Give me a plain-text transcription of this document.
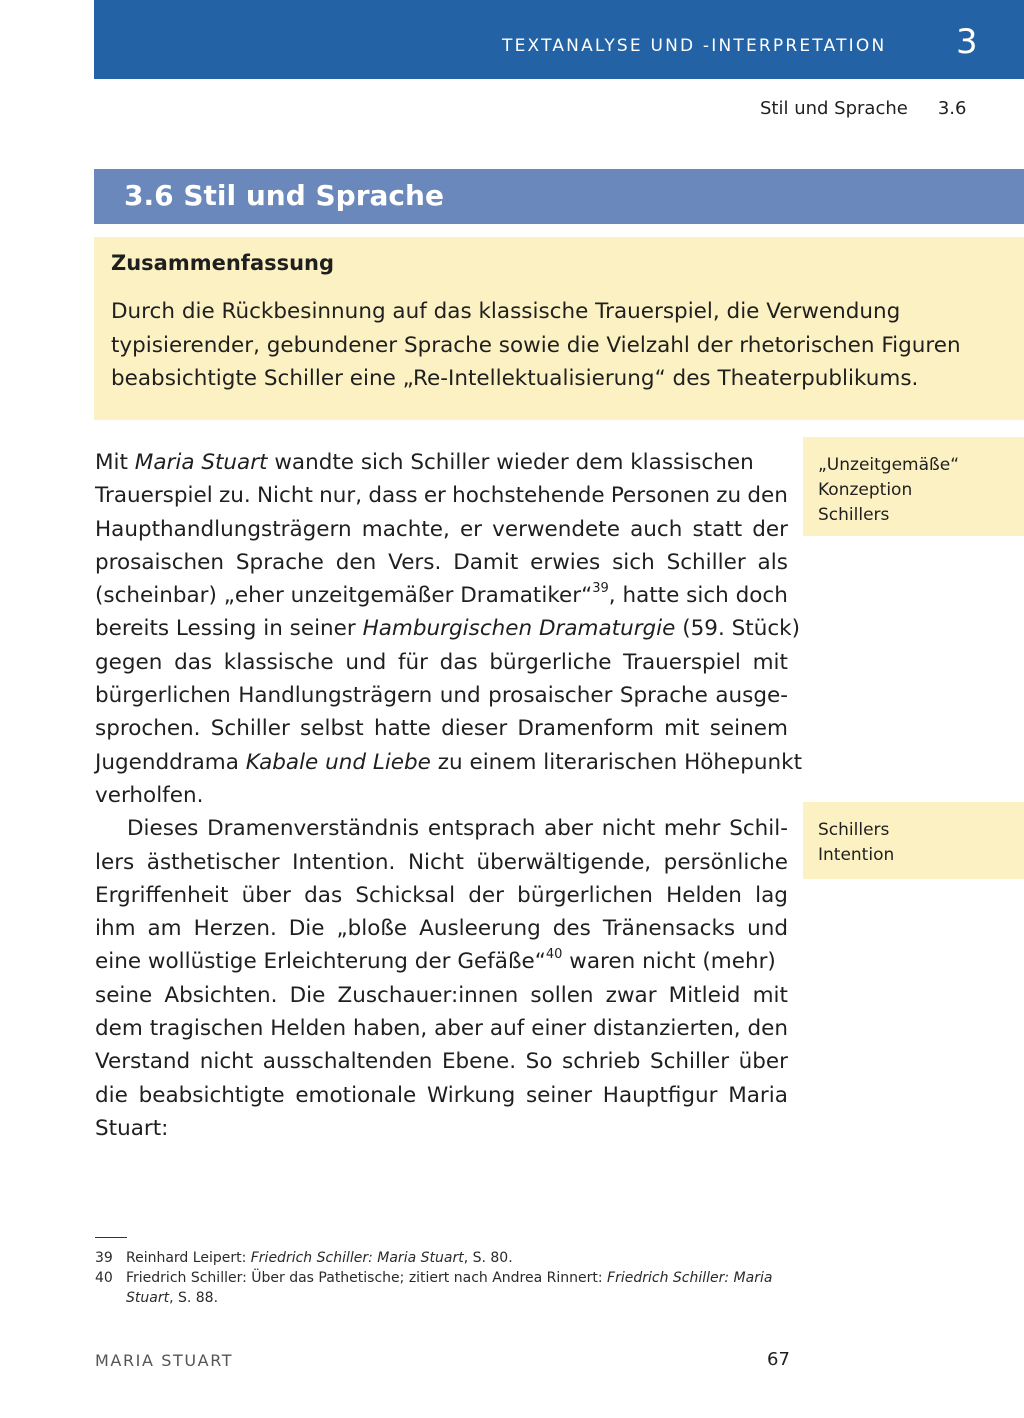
TEXTANALYSE UND -INTERPRETATION 3
Stil und Sprache 3.6
3.6 Stil und Sprache
Zusammenfassung
Durch die Rückbesinnung auf das klassische Trauerspiel, die Verwendung
typisierender, gebundener Sprache sowie die Vielzahl der rhetorischen Figuren
beabsichtigte Schiller eine „Re-Intellektualisierung“ des Theaterpublikums.
Mit Maria Stuart wandte sich Schiller wieder dem klassischen
Trauerspiel zu. Nicht nur, dass er hochstehende Personen zu den
Haupthandlungsträgern machte, er verwendete auch statt der
prosaischen Sprache den Vers. Damit erwies sich Schiller als
(scheinbar) „eher unzeitgemäßer Dramatiker“$^{39}$, hatte sich doch
bereits Lessing in seiner Hamburgischen Dramaturgie (59. Stück)
gegen das klassische und für das bürgerliche Trauerspiel mit
bürgerlichen Handlungsträgern und prosaischer Sprache ausge-
sprochen. Schiller selbst hatte dieser Dramenform mit seinem
Jugenddrama Kabale und Liebe zu einem literarischen Höhepunkt
verholfen.
Dieses Dramenverständnis entsprach aber nicht mehr Schil-
lers ästhetischer Intention. Nicht überwältigende, persönliche
Ergriffenheit über das Schicksal der bürgerlichen Helden lag
ihm am Herzen. Die „bloße Ausleerung des Tränensacks und
eine wollüstige Erleichterung der Gefäße“$^{40}$ waren nicht (mehr)
seine Absichten. Die Zuschauer:innen sollen zwar Mitleid mit
dem tragischen Helden haben, aber auf einer distanzierten, den
Verstand nicht ausschaltenden Ebene. So schrieb Schiller über
die beabsichtigte emotionale Wirkung seiner Hauptfigur Maria
Stuart:
„Unzeitgemäße“
Konzeption
Schillers
Schillers
Intention
39 Reinhard Leipert: Friedrich Schiller: Maria Stuart, S. 80.
40 Friedrich Schiller: Über das Pathetische; zitiert nach Andrea Rinnert: Friedrich Schiller: Maria Stuart, S. 88.
MARIA STUART	67
